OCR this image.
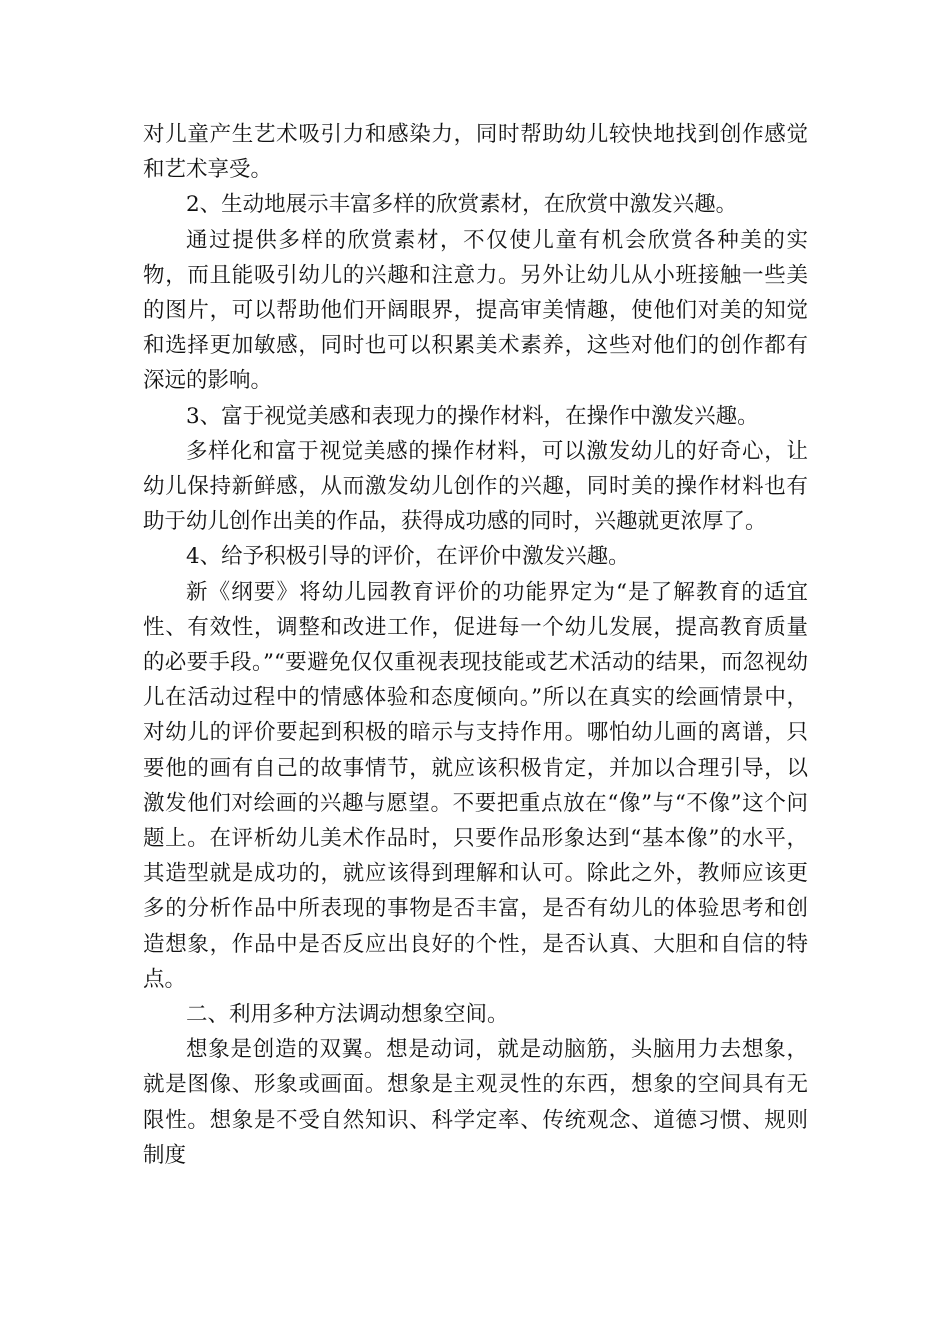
对儿童产生艺术吸引力和感染力，同时帮助幼儿较快地找到创作感觉和艺术享受。

2、生动地展示丰富多样的欣赏素材，在欣赏中激发兴趣。

通过提供多样的欣赏素材，不仅使儿童有机会欣赏各种美的实物，而且能吸引幼儿的兴趣和注意力。另外让幼儿从小班接触一些美的图片，可以帮助他们开阔眼界，提高审美情趣，使他们对美的知觉和选择更加敏感，同时也可以积累美术素养，这些对他们的创作都有深远的影响。

3、富于视觉美感和表现力的操作材料，在操作中激发兴趣。

多样化和富于视觉美感的操作材料，可以激发幼儿的好奇心，让幼儿保持新鲜感，从而激发幼儿创作的兴趣，同时美的操作材料也有助于幼儿创作出美的作品，获得成功感的同时，兴趣就更浓厚了。

4、给予积极引导的评价，在评价中激发兴趣。

新《纲要》将幼儿园教育评价的功能界定为“是了解教育的适宜性、有效性，调整和改进工作，促进每一个幼儿发展，提高教育质量的必要手段。”“要避免仅仅重视表现技能或艺术活动的结果，而忽视幼儿在活动过程中的情感体验和态度倾向。”所以在真实的绘画情景中，对幼儿的评价要起到积极的暗示与支持作用。哪怕幼儿画的离谱，只要他的画有自己的故事情节，就应该积极肯定，并加以合理引导，以激发他们对绘画的兴趣与愿望。不要把重点放在“像”与“不像”这个问题上。在评析幼儿美术作品时，只要作品形象达到“基本像”的水平，其造型就是成功的，就应该得到理解和认可。除此之外，教师应该更多的分析作品中所表现的事物是否丰富，是否有幼儿的体验思考和创造想象，作品中是否反应出良好的个性，是否认真、大胆和自信的特点。

二、利用多种方法调动想象空间。

想象是创造的双翼。想是动词，就是动脑筋，头脑用力去想象，就是图像、形象或画面。想象是主观灵性的东西，想象的空间具有无限性。想象是不受自然知识、科学定率、传统观念、道德习惯、规则制度
